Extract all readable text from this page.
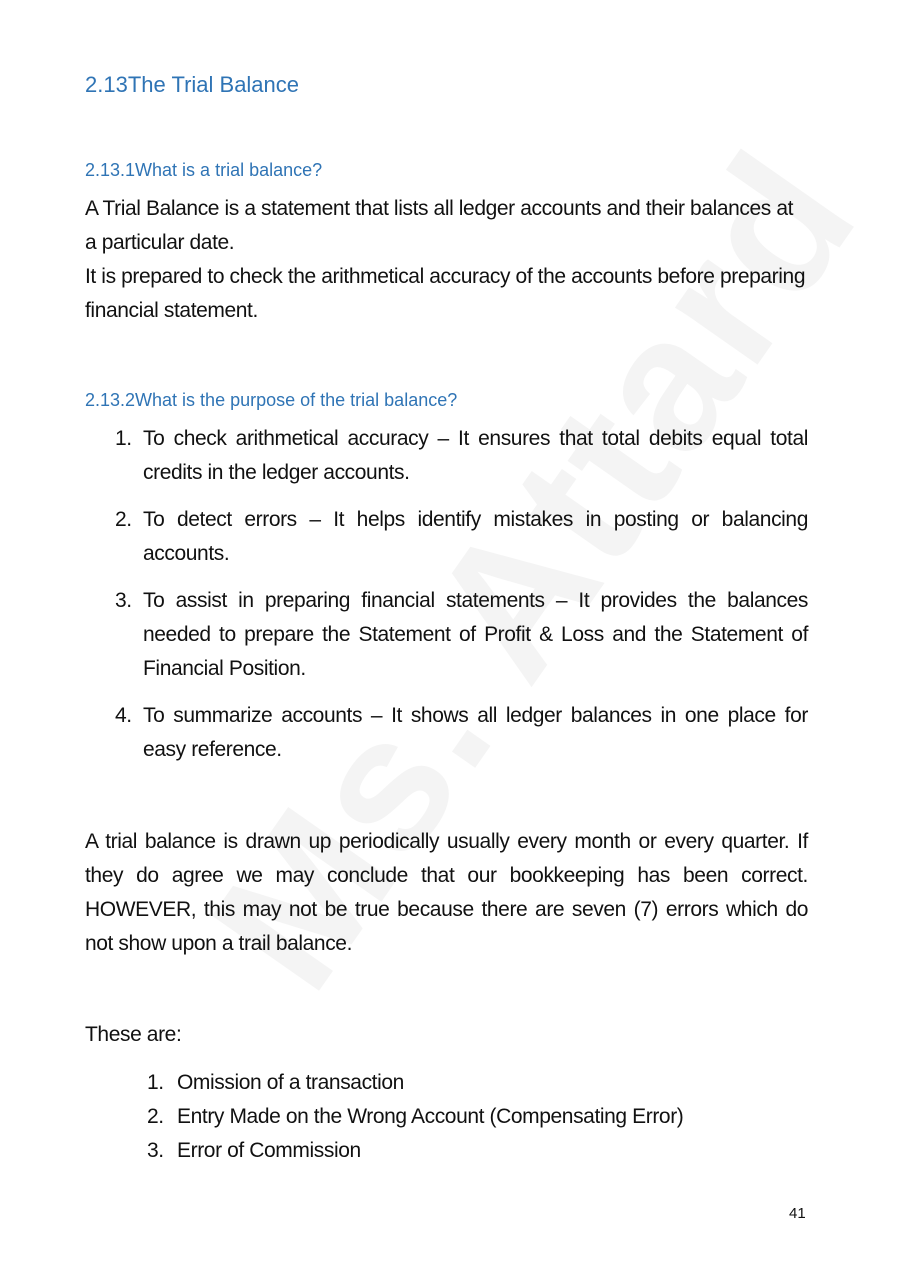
2.13The Trial Balance
2.13.1What is a trial balance?

A Trial Balance is a statement that lists all ledger accounts and their balances at a particular date.

It is prepared to check the arithmetical accuracy of the accounts before preparing financial statement.

2.13.2What is the purpose of the trial balance?
1. To check arithmetical accuracy – It ensures that total debits equal total credits in the ledger accounts.
2. To detect errors – It helps identify mistakes in posting or balancing accounts.
3. To assist in preparing financial statements – It provides the balances needed to prepare the Statement of Profit & Loss and the Statement of Financial Position.
4. To summarize accounts – It shows all ledger balances in one place for easy reference.
A trial balance is drawn up periodically usually every month or every quarter. If they do agree we may conclude that our bookkeeping has been correct. HOWEVER, this may not be true because there are seven (7) errors which do not show upon a trail balance.
These are:
1. Omission of a transaction
2. Entry Made on the Wrong Account (Compensating Error)
3. Error of Commission
41
